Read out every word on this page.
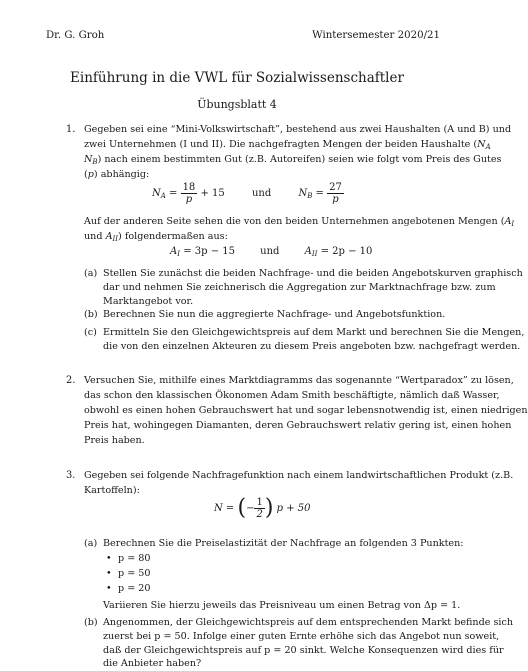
Dr. G. Groh	Wintersemester 2020/21
Einführung in die VWL für Sozialwissenschaftler
Übungsblatt 4
1. Gegeben sei eine “Mini-Volkswirtschaft”, bestehend aus zwei Haushalten (A und B) und
zwei Unternehmen (I und II). Die nachgefragten Mengen der beiden Haushalte ($N_A$
$N_B$) nach einem bestimmten Gut (z.B. Autoreifen) seien wie folgt vom Preis des Gutes
(p) abhängig:
$N_A = \frac{18}{p} + 15$	und	$N_B = \frac{27}{p}$
Auf der anderen Seite sehen die von den beiden Unternehmen angebotenen Mengen ($A_I$
und $A_{II}$) folgendermaßen aus:
$A_I = 3p - 15$	und	$A_{II} = 2p - 10$
(a) Stellen Sie zunächst die beiden Nachfrage- und die beiden Angebotskurven graphisch
dar und nehmen Sie zeichnerisch die Aggregation zur Marktnachfrage bzw. zum
Marktangebot vor.
(b) Berechnen Sie nun die aggregierte Nachfrage- und Angebotsfunktion.
(c) Ermitteln Sie den Gleichgewichtspreis auf dem Markt und berechnen Sie die Mengen,
die von den einzelnen Akteuren zu diesem Preis angeboten bzw. nachgefragt werden.
2. Versuchen Sie, mithilfe eines Marktdiagramms das sogenannte “Wertparadox” zu lösen,
das schon den klassischen Ökonomen Adam Smith beschäftigte, nämlich daß Wasser,
obwohl es einen hohen Gebrauchswert hat und sogar lebensnotwendig ist, einen niedrigen
Preis hat, wohingegen Diamanten, deren Gebrauchswert relativ gering ist, einen hohen
Preis haben.
3. Gegeben sei folgende Nachfragefunktion nach einem landwirtschaftlichen Produkt (z.B.
Kartoffeln):
N = (− $\frac{1}{2}$ ) p + 50
(a) Berechnen Sie die Preiselastizität der Nachfrage an folgenden 3 Punkten:
• p = 80
• p = 50
• p = 20
Variieren Sie hierzu jeweils das Preisniveau um einen Betrag von Δp = 1.
(b) Angenommen, der Gleichgewichtspreis auf dem entsprechenden Markt befinde sich
zuerst bei p = 50. Infolge einer guten Ernte erhöhe sich das Angebot nun soweit,
daß der Gleichgewichtspreis auf p = 20 sinkt. Welche Konsequenzen wird dies für
die Anbieter haben?
